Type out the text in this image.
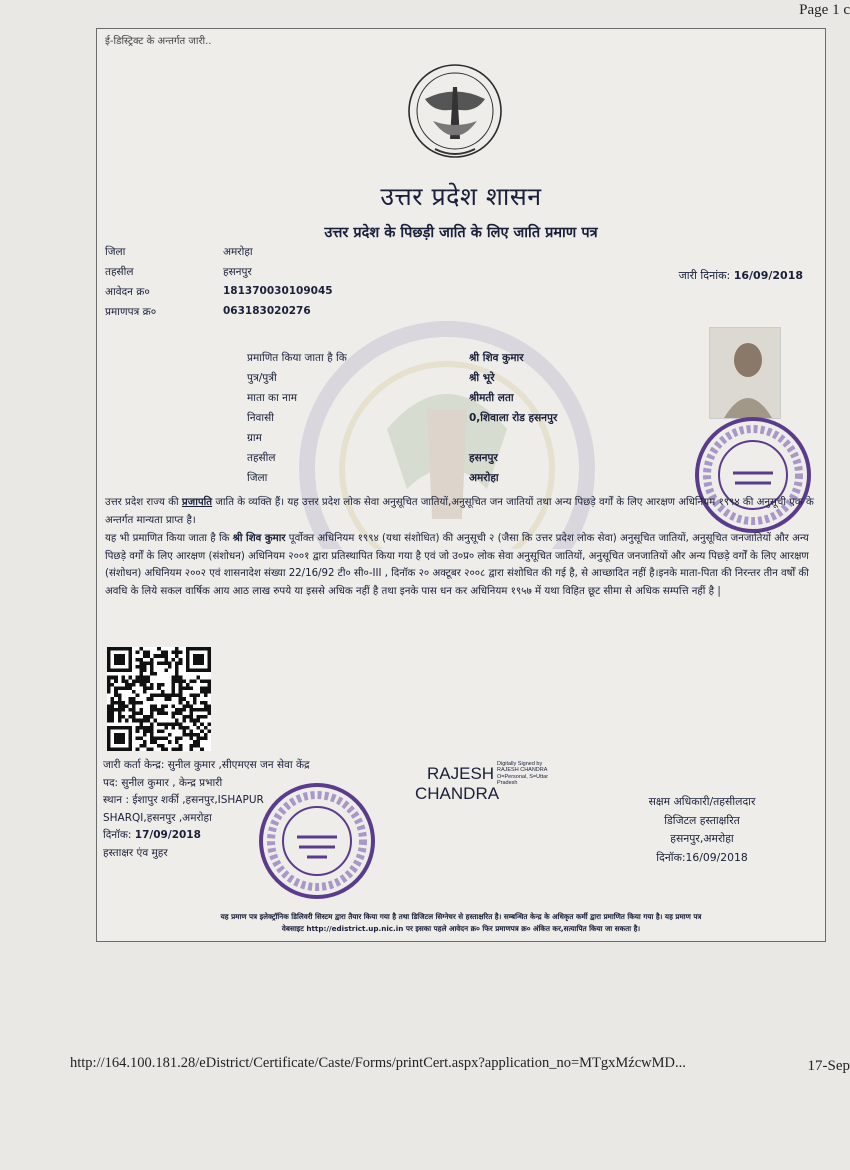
Page 1 c
ई-डिस्ट्रिक्ट के अन्तर्गत जारी..
उत्तर प्रदेश शासन
उत्तर प्रदेश के पिछड़ी जाति के लिए जाति प्रमाण पत्र
जिला	अमरोहा
तहसील	हसनपुर
आवेदन क्र०	181370030109045
प्रमाणपत्र क्र०	063183020276
जारी दिनांक: 16/09/2018
प्रमाणित किया जाता है कि	श्री शिव कुमार
पुत्र/पुत्री	श्री भूरे
माता का नाम	श्रीमती लता
निवासी	0,शिवाला रोड हसनपुर
ग्राम
तहसील	हसनपुर
जिला	अमरोहा
उत्तर प्रदेश राज्य की प्रजापति जाति के व्यक्ति हैं। यह उत्तर प्रदेश लोक सेवा अनुसूचित जातियों,अनुसूचित जन जातियों तथा अन्य पिछड़े वर्गों के लिए आरक्षण अधिनियम १९९४ की अनुसूची एक के अन्तर्गत मान्यता प्राप्त है।
यह भी प्रमाणित किया जाता है कि श्री शिव कुमार पूर्वोक्त अधिनियम १९९४ (यथा संशोधित) की अनुसूची २ (जैसा कि उत्तर प्रदेश लोक सेवा) अनुसूचित जातियों, अनुसूचित जनजातियों और अन्य पिछड़े वर्गों के लिए आरक्षण (संशोधन) अधिनियम २००१ द्वारा प्रतिस्थापित किया गया है एवं जो उ०प्र० लोक सेवा अनुसूचित जातियों, अनुसूचित जनजातियों और अन्य पिछड़े वर्गों के लिए आरक्षण (संशोधन) अधिनियम २००२ एवं शासनादेश संख्या 22/16/92 टी० सी०-III , दिनॉक २० अक्टूबर २००८ द्वारा संशोधित की गई है, से आच्छादित नहीं है।इनके माता-पिता की निरन्तर तीन वर्षों की अवधि के लिये सकल वार्षिक आय आठ लाख रुपये या इससे अधिक नहीं है तथा इनके पास धन कर अधिनियम १९५७ में यथा विहित छूट सीमा से अधिक सम्पत्ति नहीं है |
जारी कर्ता केन्द्र: सुनील कुमार ,सीएमएस जन सेवा केंद्र
पद: सुनील कुमार , केन्द्र प्रभारी
स्थान : ईशापुर शर्की ,हसनपुर,ISHAPUR
SHARQI,हसनपुर ,अमरोहा
दिनॉक: 17/09/2018
हस्ताक्षर एंव मुहर
RAJESH
CHANDRA
Digitally Signed by
RAJESH CHANDRA
O=Personal, S=Uttar
Pradesh
सक्षम अधिकारी/तहसीलदार
डिजिटल हस्ताक्षरित
हसनपुर,अमरोहा
दिनॉक:16/09/2018
यह प्रमाण पत्र इलेक्ट्रॉनिक डिलिवरी सिस्टम द्वारा तैयार किया गया है तथा डिजिटल सिग्नेचर से हस्ताक्षरित है। सम्बन्धित केन्द्र के अधिकृत कर्मी द्वारा प्रमाणित किया गया है। यह प्रमाण पत्र
वेबसाइट http://edistrict.up.nic.in पर इसका पहले आवेदन क्र० फिर प्रमाणपत्र क्र० अंकित कर,सत्यापित किया जा सकता है।
http://164.100.181.28/eDistrict/Certificate/Caste/Forms/printCert.aspx?application_no=MTgxMźcwMD...	17-Sep
